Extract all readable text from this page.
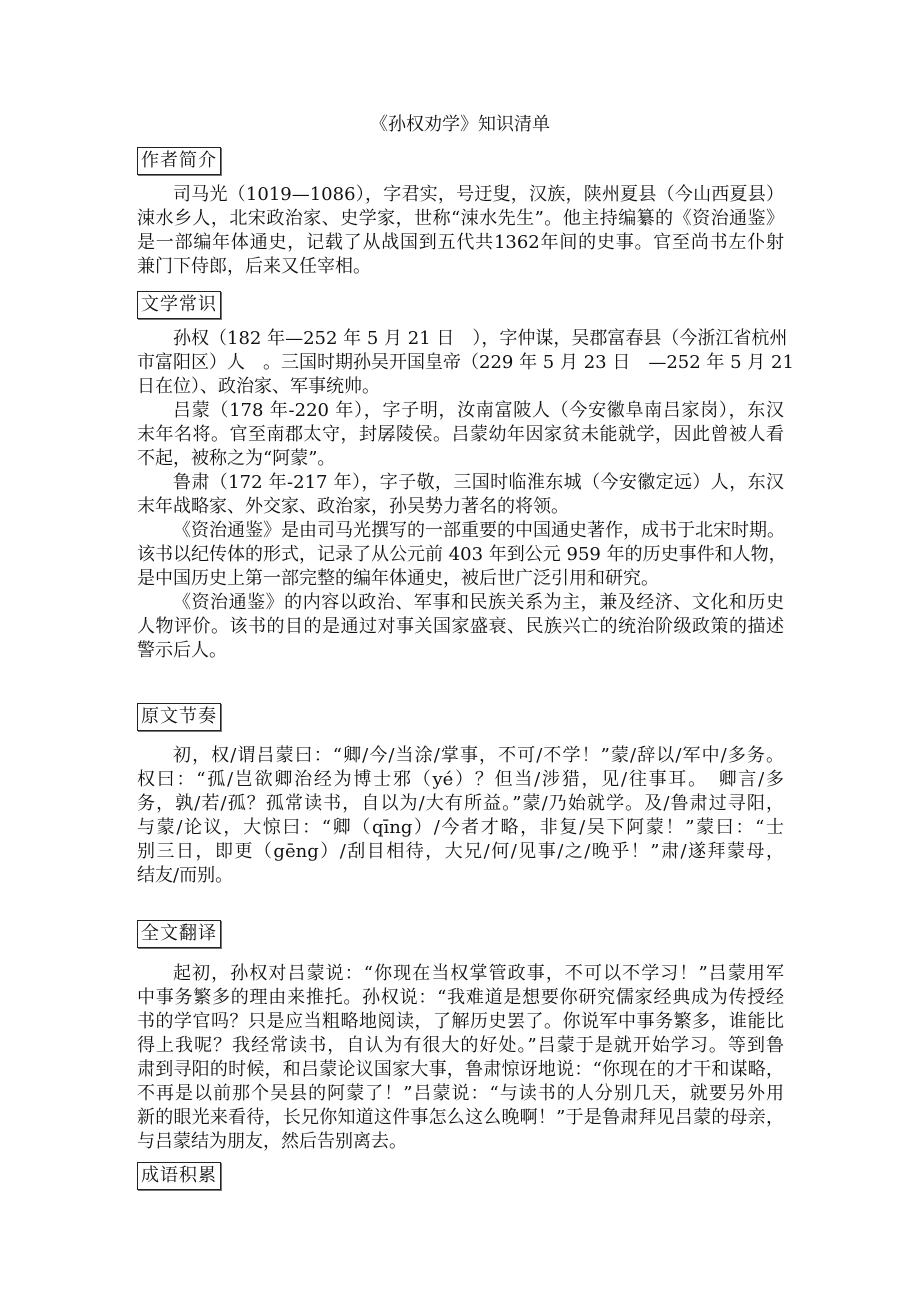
《孙权劝学》知识清单
作者简介
司马光（1019—1086），字君实，号迂叟，汉族，陕州夏县（今山西夏县）
涑水乡人，北宋政治家、史学家，世称“涑水先生”。他主持编纂的《资治通鉴》
是一部编年体通史，记载了从战国到五代共1362年间的史事。官至尚书左仆射
兼门下侍郎，后来又任宰相。
文学常识
孙权（182 年—252 年 5 月 21 日　），字仲谋，吴郡富春县（今浙江省杭州
市富阳区）人　。三国时期孙吴开国皇帝（229 年 5 月 23 日　—252 年 5 月 21
日在位）、政治家、军事统帅。
吕蒙（178 年-220 年），字子明，汝南富陂人（今安徽阜南吕家岗），东汉
末年名将。官至南郡太守，封孱陵侯。吕蒙幼年因家贫未能就学，因此曾被人看
不起，被称之为“阿蒙”。
鲁肃（172 年-217 年），字子敬，三国时临淮东城（今安徽定远）人，东汉
末年战略家、外交家、政治家，孙吴势力著名的将领。
《资治通鉴》是由司马光撰写的一部重要的中国通史著作，成书于北宋时期。
该书以纪传体的形式，记录了从公元前 403 年到公元 959 年的历史事件和人物，
是中国历史上第一部完整的编年体通史，被后世广泛引用和研究。
《资治通鉴》的内容以政治、军事和民族关系为主，兼及经济、文化和历史
人物评价。该书的目的是通过对事关国家盛衰、民族兴亡的统治阶级政策的描述
警示后人。
原文节奏
初，权/谓吕蒙曰：“卿/今/当涂/掌事，不可/不学！”蒙/辞以/军中/多务。
权曰：“孤/岂欲卿治经为博士邪（yé）？但当/涉猎，见/往事耳。　卿言/多
务，孰/若/孤？孤常读书，自以为/大有所益。”蒙/乃始就学。及/鲁肃过寻阳，
与蒙/论议，大惊曰：“卿（qīng）/今者才略，非复/吴下阿蒙！”蒙曰：“士
别三日，即更（gēng）/刮目相待，大兄/何/见事/之/晚乎！”肃/遂拜蒙母，
结友/而别。
全文翻译
起初，孙权对吕蒙说：“你现在当权掌管政事，不可以不学习！”吕蒙用军
中事务繁多的理由来推托。孙权说：“我难道是想要你研究儒家经典成为传授经
书的学官吗？只是应当粗略地阅读，了解历史罢了。你说军中事务繁多，谁能比
得上我呢？我经常读书，自认为有很大的好处。”吕蒙于是就开始学习。等到鲁
肃到寻阳的时候，和吕蒙论议国家大事，鲁肃惊讶地说：“你现在的才干和谋略，
不再是以前那个吴县的阿蒙了！”吕蒙说：“与读书的人分别几天，就要另外用
新的眼光来看待，长兄你知道这件事怎么这么晚啊！”于是鲁肃拜见吕蒙的母亲，
与吕蒙结为朋友，然后告别离去。
成语积累
